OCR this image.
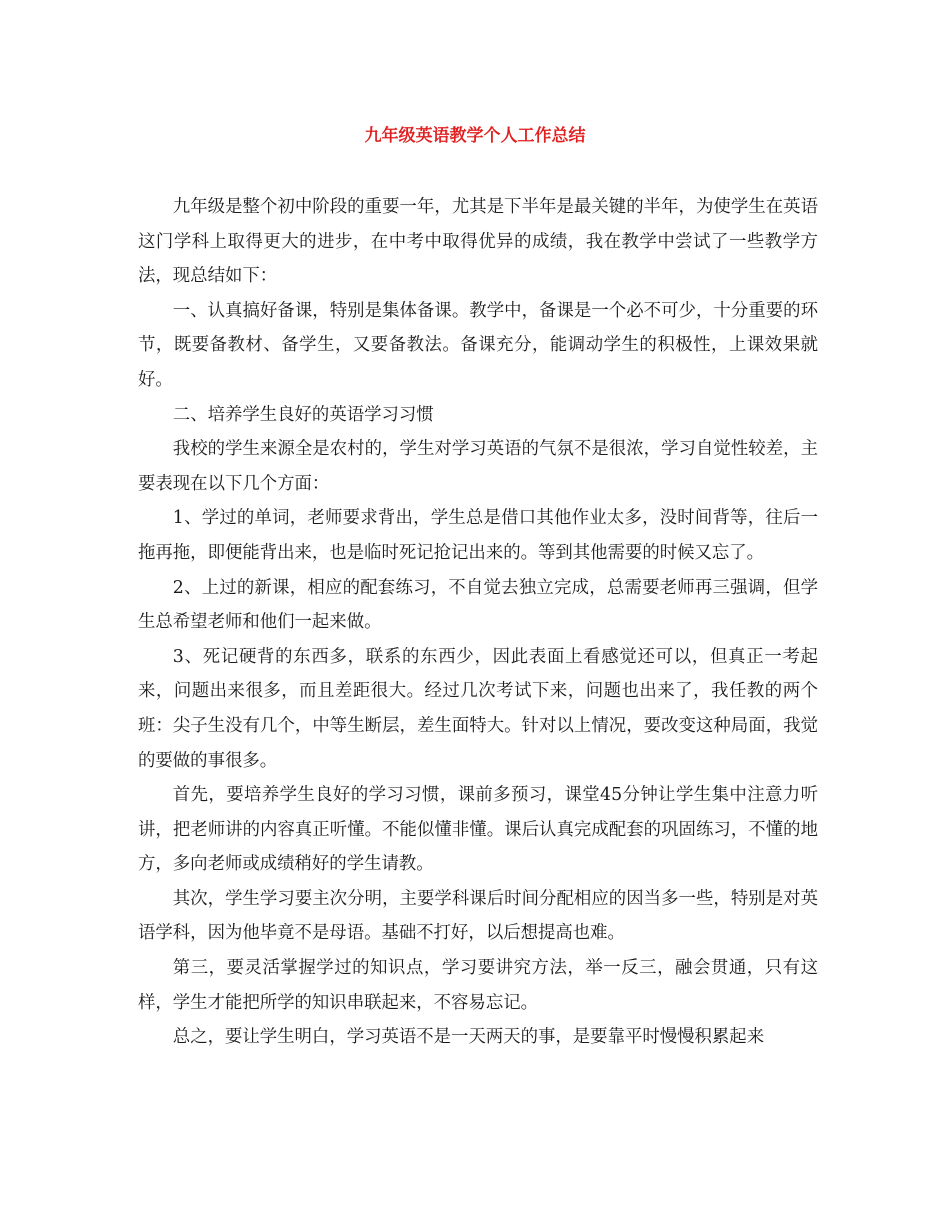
九年级英语教学个人工作总结

九年级是整个初中阶段的重要一年，尤其是下半年是最关键的半年，为使学生在英语这门学科上取得更大的进步，在中考中取得优异的成绩，我在教学中尝试了一些教学方法，现总结如下：

一、认真搞好备课，特别是集体备课。教学中，备课是一个必不可少，十分重要的环节，既要备教材、备学生，又要备教法。备课充分，能调动学生的积极性，上课效果就好。

二、培养学生良好的英语学习习惯

我校的学生来源全是农村的，学生对学习英语的气氛不是很浓，学习自觉性较差，主要表现在以下几个方面：

1、学过的单词，老师要求背出，学生总是借口其他作业太多，没时间背等，往后一拖再拖，即便能背出来，也是临时死记抢记出来的。等到其他需要的时候又忘了。

2、上过的新课，相应的配套练习，不自觉去独立完成，总需要老师再三强调，但学生总希望老师和他们一起来做。

3、死记硬背的东西多，联系的东西少，因此表面上看感觉还可以，但真正一考起来，问题出来很多，而且差距很大。经过几次考试下来，问题也出来了，我任教的两个班：尖子生没有几个，中等生断层，差生面特大。针对以上情况，要改变这种局面，我觉的要做的事很多。

首先，要培养学生良好的学习习惯，课前多预习，课堂45分钟让学生集中注意力听讲，把老师讲的内容真正听懂。不能似懂非懂。课后认真完成配套的巩固练习，不懂的地方，多向老师或成绩稍好的学生请教。

其次，学生学习要主次分明，主要学科课后时间分配相应的因当多一些，特别是对英语学科，因为他毕竟不是母语。基础不打好，以后想提高也难。

第三，要灵活掌握学过的知识点，学习要讲究方法，举一反三，融会贯通，只有这样，学生才能把所学的知识串联起来，不容易忘记。

总之，要让学生明白，学习英语不是一天两天的事，是要靠平时慢慢积累起来
